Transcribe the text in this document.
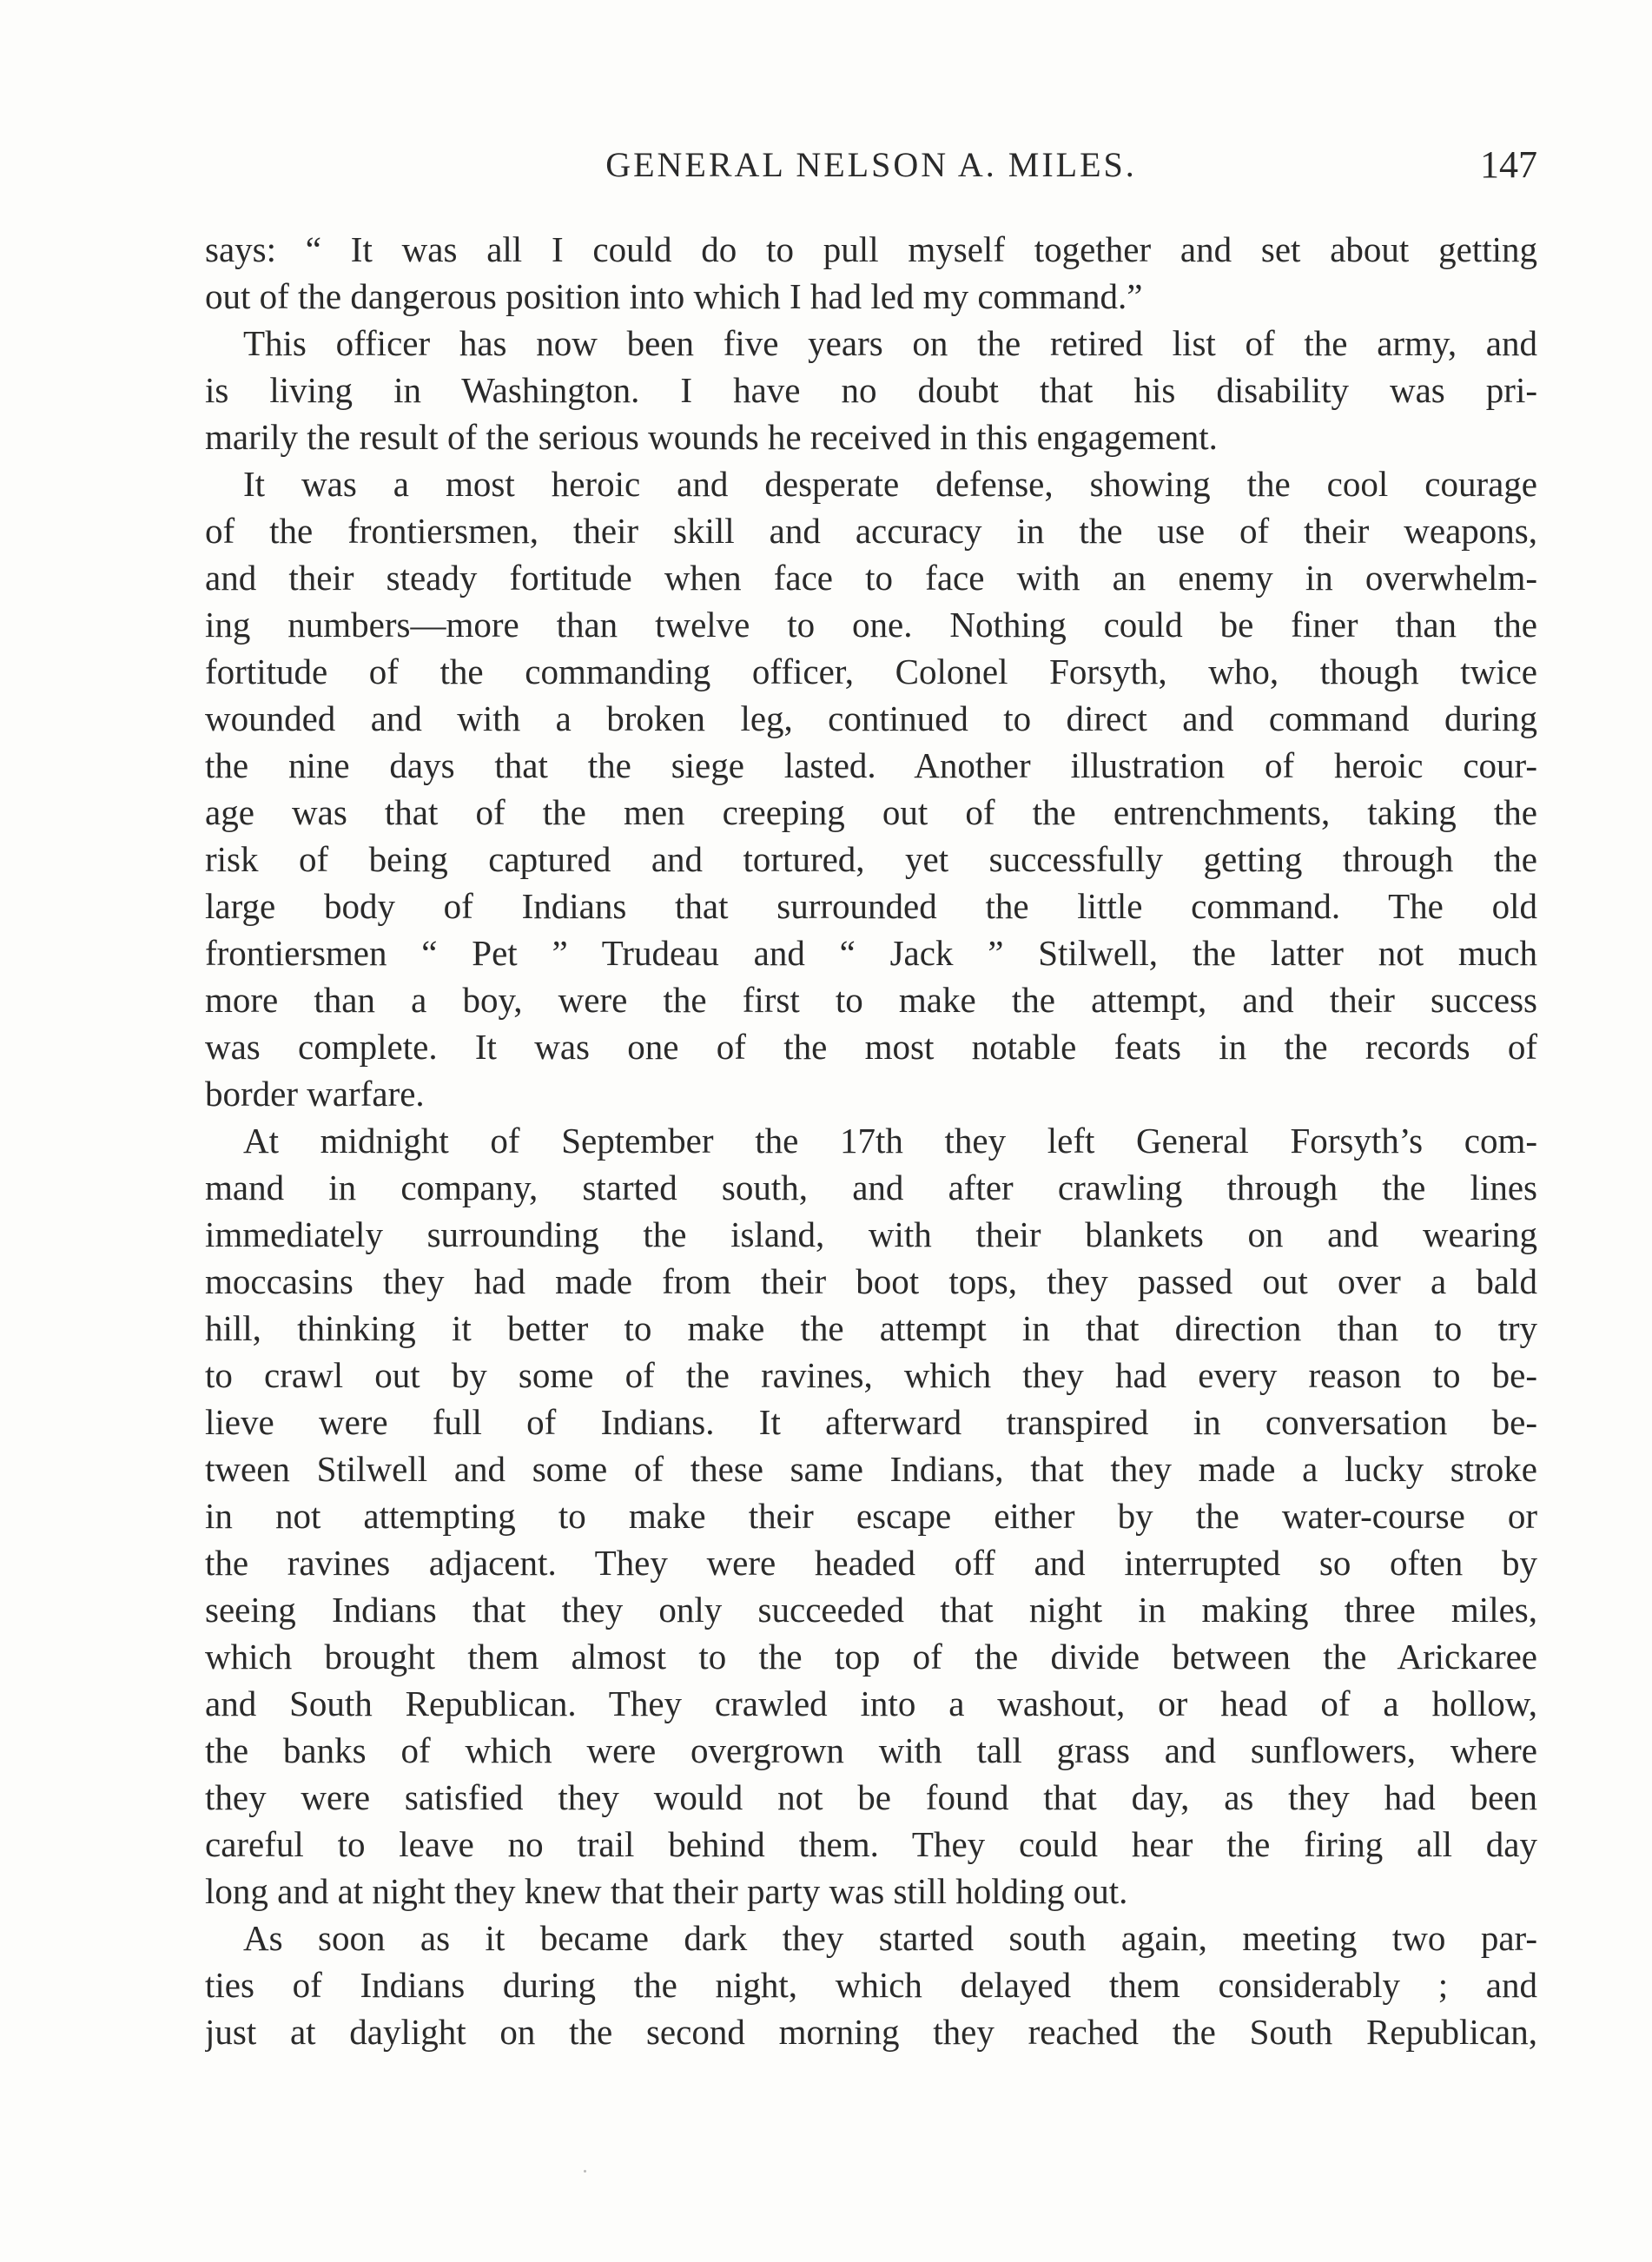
GENERAL NELSON A. MILES.	147
says: “ It was all I could do to pull myself together and set about getting
out of the dangerous position into which I had led my command.”
This officer has now been five years on the retired list of the army, and
is living in Washington. I have no doubt that his disability was pri-
marily the result of the serious wounds he received in this engagement.
It was a most heroic and desperate defense, showing the cool courage
of the frontiersmen, their skill and accuracy in the use of their weapons,
and their steady fortitude when face to face with an enemy in overwhelm-
ing numbers—more than twelve to one. Nothing could be finer than the
fortitude of the commanding officer, Colonel Forsyth, who, though twice
wounded and with a broken leg, continued to direct and command during
the nine days that the siege lasted. Another illustration of heroic cour-
age was that of the men creeping out of the entrenchments, taking the
risk of being captured and tortured, yet successfully getting through the
large body of Indians that surrounded the little command. The old
frontiersmen “ Pet ” Trudeau and “ Jack ” Stilwell, the latter not much
more than a boy, were the first to make the attempt, and their success
was complete. It was one of the most notable feats in the records of
border warfare.
At midnight of September the 17th they left General Forsyth’s com-
mand in company, started south, and after crawling through the lines
immediately surrounding the island, with their blankets on and wearing
moccasins they had made from their boot tops, they passed out over a bald
hill, thinking it better to make the attempt in that direction than to try
to crawl out by some of the ravines, which they had every reason to be-
lieve were full of Indians. It afterward transpired in conversation be-
tween Stilwell and some of these same Indians, that they made a lucky stroke
in not attempting to make their escape either by the water-course or
the ravines adjacent. They were headed off and interrupted so often by
seeing Indians that they only succeeded that night in making three miles,
which brought them almost to the top of the divide between the Arickaree
and South Republican. They crawled into a washout, or head of a hollow,
the banks of which were overgrown with tall grass and sunflowers, where
they were satisfied they would not be found that day, as they had been
careful to leave no trail behind them. They could hear the firing all day
long and at night they knew that their party was still holding out.
As soon as it became dark they started south again, meeting two par-
ties of Indians during the night, which delayed them considerably ; and
just at daylight on the second morning they reached the South Republican,
